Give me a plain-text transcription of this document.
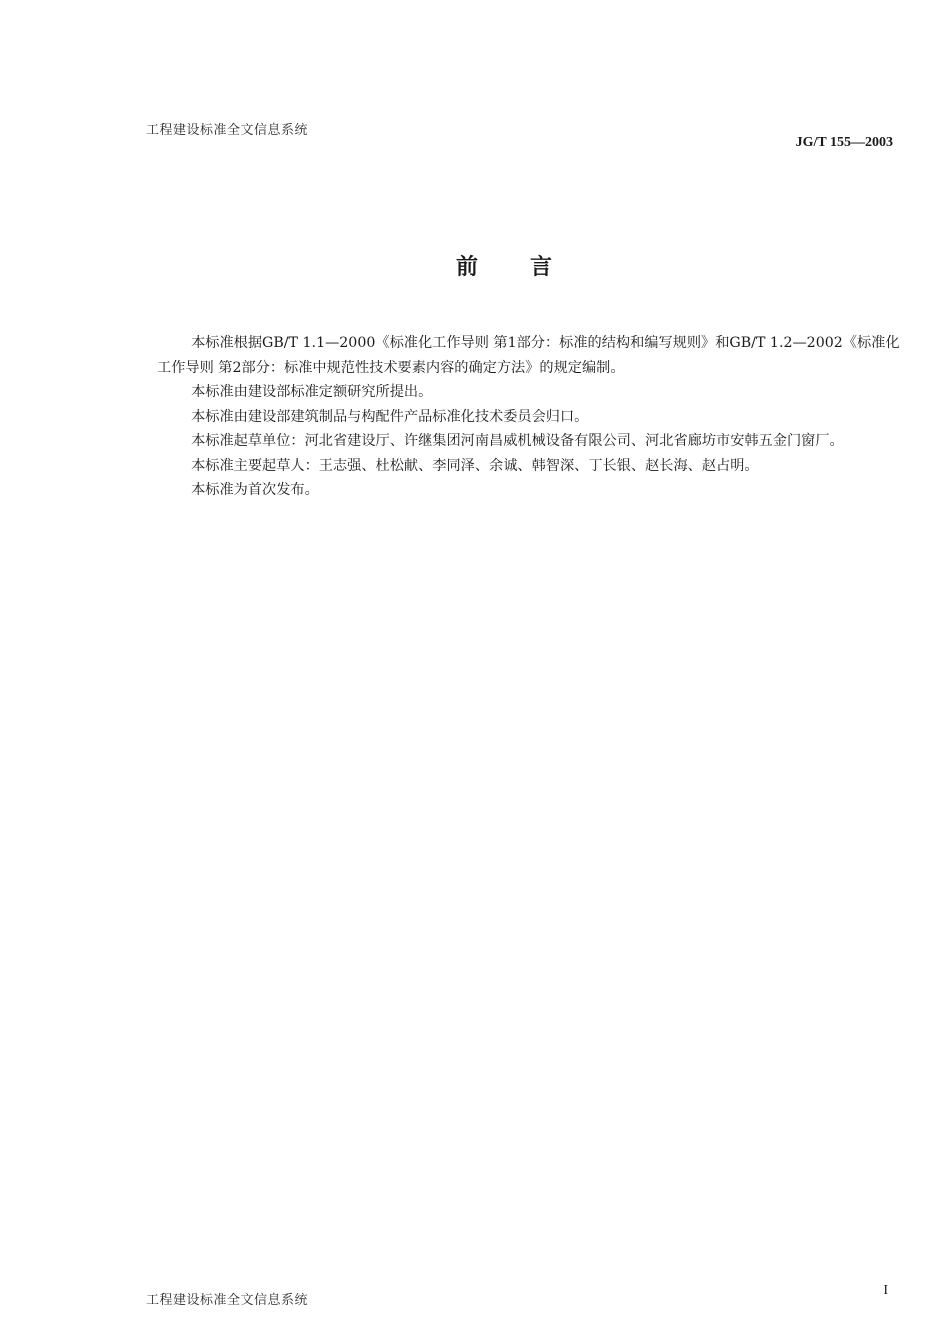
工程建设标准全文信息系统
JG/T 155—2003
前言

本标准根据GB/T 1.1—2000《标准化工作导则 第1部分：标准的结构和编写规则》和GB/T 1.2—2002《标准化工作导则 第2部分：标准中规范性技术要素内容的确定方法》的规定编制。

本标准由建设部标准定额研究所提出。

本标准由建设部建筑制品与构配件产品标准化技术委员会归口。

本标准起草单位：河北省建设厅、许继集团河南昌威机械设备有限公司、河北省廊坊市安韩五金门窗厂。

本标准主要起草人：王志强、杜松献、李同泽、余诚、韩智深、丁长银、赵长海、赵占明。

本标准为首次发布。

工程建设标准全文信息系统
I
